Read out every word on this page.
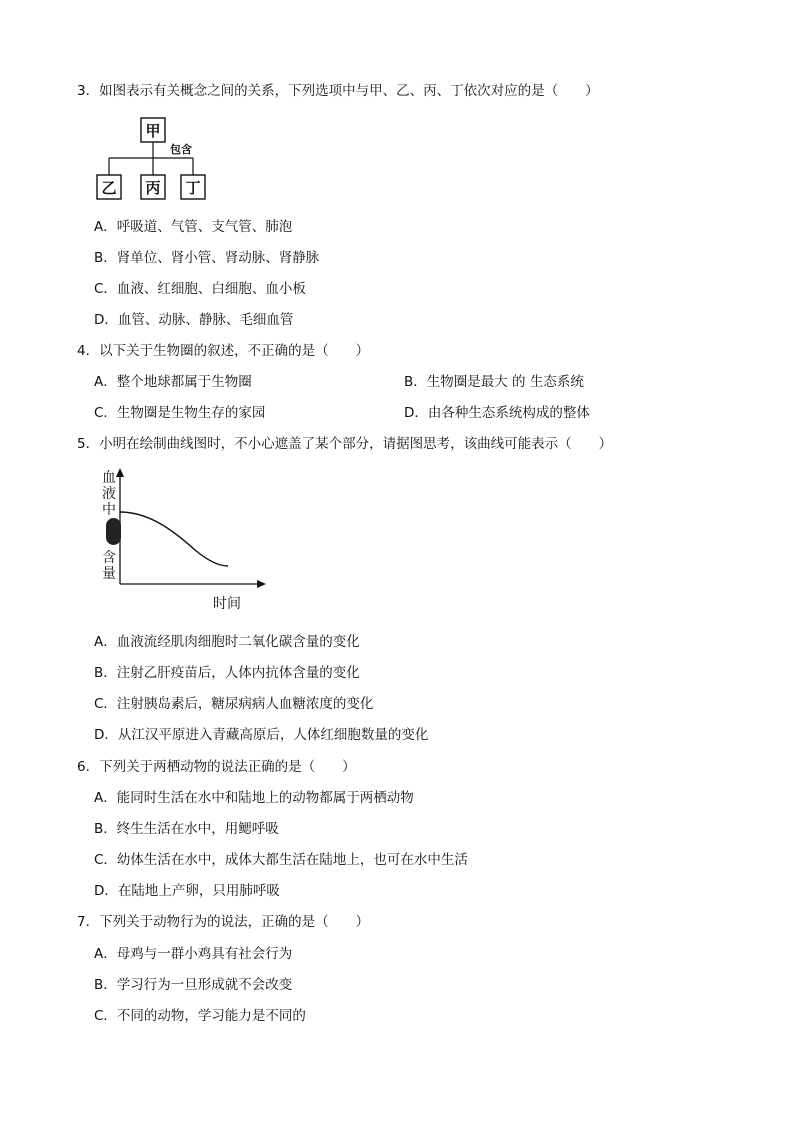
3．如图表示有关概念之间的关系，下列选项中与甲、乙、丙、丁依次对应的是（　　）
甲
包含
乙 丙 丁
A．呼吸道、气管、支气管、肺泡
B．肾单位、肾小管、肾动脉、肾静脉
C．血液、红细胞、白细胞、血小板
D．血管、动脉、静脉、毛细血管
4．以下关于生物圈的叙述，不正确的是（　　）
A．整个地球都属于生物圈	B．生物圈是最大 的 生态系统
C．生物圈是生物生存的家园	D．由各种生态系统构成的整体
5．小明在绘制曲线图时，不小心遮盖了某个部分，请据图思考，该曲线可能表示（　　）
血
液
中
含
量
时间
A．血液流经肌肉细胞时二氧化碳含量的变化
B．注射乙肝疫苗后，人体内抗体含量的变化
C．注射胰岛素后，糖尿病病人血糖浓度的变化
D．从江汉平原进入青藏高原后，人体红细胞数量的变化
6．下列关于两栖动物的说法正确的是（　　）
A．能同时生活在水中和陆地上的动物都属于两栖动物
B．终生生活在水中，用鳃呼吸
C．幼体生活在水中，成体大都生活在陆地上，也可在水中生活
D．在陆地上产卵，只用肺呼吸
7．下列关于动物行为的说法，正确的是（　　）
A．母鸡与一群小鸡具有社会行为
B．学习行为一旦形成就不会改变
C．不同的动物，学习能力是不同的
